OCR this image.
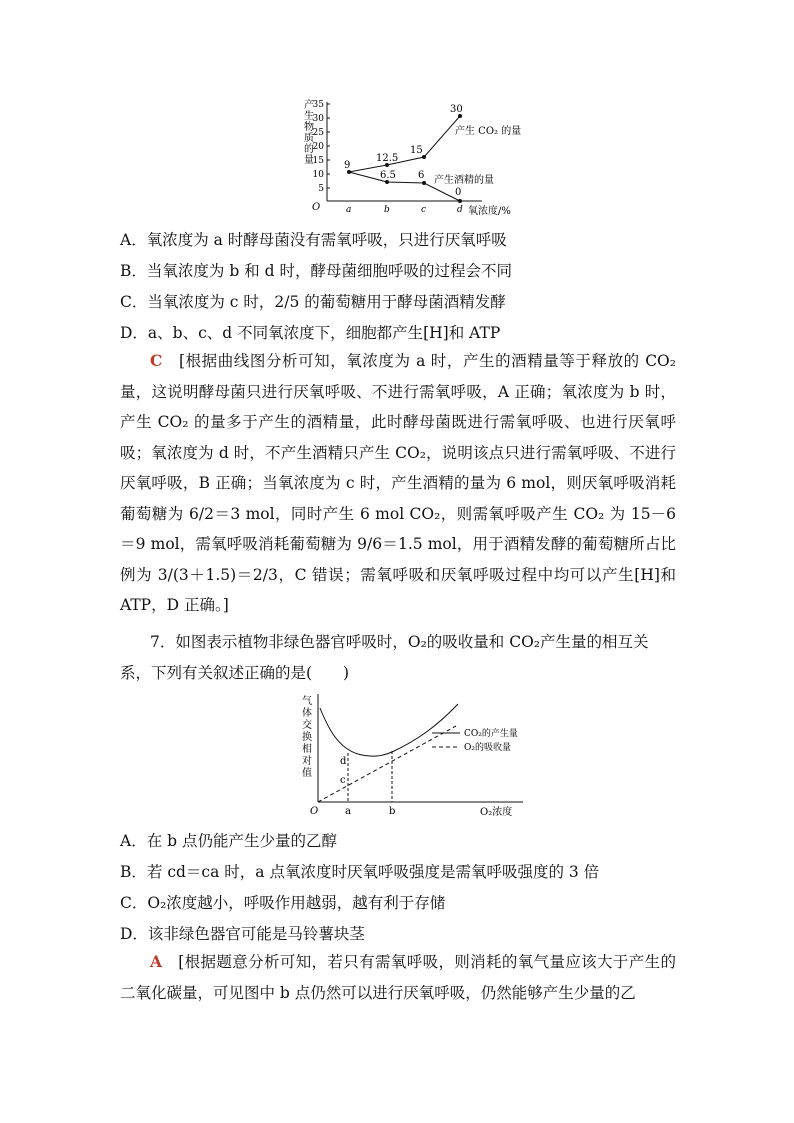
35
30
25
20
15
10
5
O	a	b	c	d 氧浓度/%
9
12.5
15
30
6.5 6
0
产生 CO₂ 的量
产生酒精的量
产
生
物
质
的
量
A．氧浓度为 a 时酵母菌没有需氧呼吸，只进行厌氧呼吸
B．当氧浓度为 b 和 d 时，酵母菌细胞呼吸的过程会不同
C．当氧浓度为 c 时，2/5 的葡萄糖用于酵母菌酒精发酵
D．a、b、c、d 不同氧浓度下，细胞都产生[H]和 ATP
C　 [根据曲线图分析可知，氧浓度为 a 时，产生的酒精量等于释放的 CO₂ 量，这说明酵母菌只进行厌氧呼吸、不进行需氧呼吸，A 正确；氧浓度为 b 时，产生 CO₂ 的量多于产生的酒精量，此时酵母菌既进行需氧呼吸、也进行厌氧呼吸；氧浓度为 d 时，不产生酒精只产生 CO₂，说明该点只进行需氧呼吸、不进行厌氧呼吸，B 正确；当氧浓度为 c 时，产生酒精的量为 6 mol，则厌氧呼吸消耗葡萄糖为 6/2＝3 mol，同时产生 6 mol CO₂，则需氧呼吸产生 CO₂ 为 15－6＝9 mol，需氧呼吸消耗葡萄糖为 9/6＝1.5 mol，用于酒精发酵的葡萄糖所占比例为 3/(3＋1.5)＝2/3，C 错误；需氧呼吸和厌氧呼吸过程中均可以产生[H]和 ATP，D 正确。]
7．如图表示植物非绿色器官呼吸时，O₂的吸收量和 CO₂产生量的相互关系，下列有关叙述正确的是(　　)
O	O₂浓度
a	b
c
d
CO₂的产生量
O₂的吸收量
气
体
交
换
相
对
值
A．在 b 点仍能产生少量的乙醇
B．若 cd＝ca 时，a 点氧浓度时厌氧呼吸强度是需氧呼吸强度的 3 倍
C．O₂浓度越小，呼吸作用越弱，越有利于存储
D．该非绿色器官可能是马铃薯块茎
A　 [根据题意分析可知，若只有需氧呼吸，则消耗的氧气量应该大于产生的二氧化碳量，可见图中 b 点仍然可以进行厌氧呼吸，仍然能够产生少量的乙
